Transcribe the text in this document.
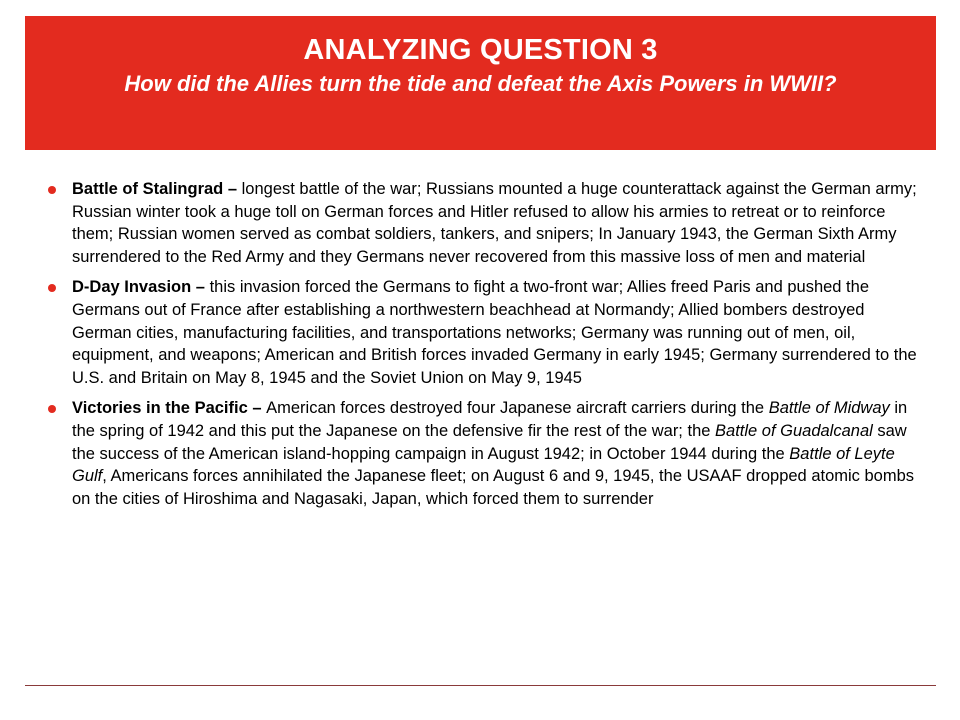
ANALYZING QUESTION 3
How did the Allies turn the tide and defeat the Axis Powers in WWII?
Battle of Stalingrad – longest battle of the war; Russians mounted a huge counterattack against the German army; Russian winter took a huge toll on German forces and Hitler refused to allow his armies to retreat or to reinforce them; Russian women served as combat soldiers, tankers, and snipers; In January 1943, the German Sixth Army surrendered to the Red Army and they Germans never recovered from this massive loss of men and material
D-Day Invasion – this invasion forced the Germans to fight a two-front war; Allies freed Paris and pushed the Germans out of France after establishing a northwestern beachhead at Normandy; Allied bombers destroyed German cities, manufacturing facilities, and transportations networks; Germany was running out of men, oil, equipment, and weapons; American and British forces invaded Germany in early 1945; Germany surrendered to the U.S. and Britain on May 8, 1945 and the Soviet Union on May 9, 1945
Victories in the Pacific – American forces destroyed four Japanese aircraft carriers during the Battle of Midway in the spring of 1942 and this put the Japanese on the defensive fir the rest of the war; the Battle of Guadalcanal saw the success of the American island-hopping campaign in August 1942; in October 1944 during the Battle of Leyte Gulf, Americans forces annihilated the Japanese fleet; on August 6 and 9, 1945, the USAAF dropped atomic bombs on the cities of Hiroshima and Nagasaki, Japan, which forced them to surrender
